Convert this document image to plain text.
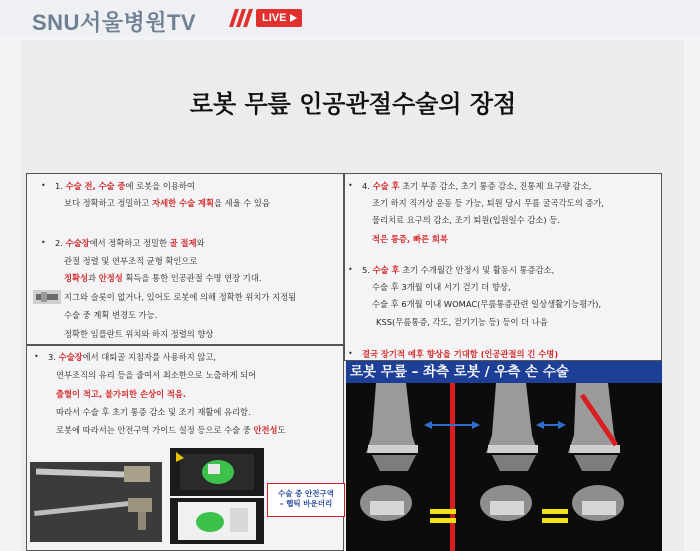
SNU서울병원TV	LIVE
로봇 무릎 인공관절수술의 장점
• 1. 수술 전, 수술 중에 로봇을 이용하여
보다 정확하고 정밀하고 자세한 수술 계획을 세울 수 있음
• 2. 수술장에서 정확하고 정밀한 골 절제와
관절 정렬 및 연부조직 균형 확인으로
정확성과 안정성 획득을 통한 인공관절 수명 연장 기대.
지그와 슬롯이 없거나, 있어도 로봇에 의해 정확한 위치가 지정됨
수술 중 계획 변경도 가능.
정확한 임플란트 위치와 하지 정렬의 향상
• 4. 수술 후 초기 부종 감소, 초기 통증 감소, 진통제 요구량 감소,
조기 하지 직거상 운동 등 가능, 퇴원 당시 무릎 굴곡각도의 증가,
물리치료 요구의 감소, 조기 퇴원(입원일수 감소) 등.
적은 통증, 빠른 회복
• 5. 수술 후 초기 수개월간 안정시 및 활동시 통증감소,
수술 후 3개월 이내 서기 걷기 더 향상,
수술 후 6개월 이내 WOMAC(무릎통증관련 일상생활기능평가),
KSS(무릎통증, 각도, 걷기기능 등) 등이 더 나음
• 결국 장기적 예후 향상을 기대함 (인공관절의 긴 수명)
• 3. 수술장에서 대퇴골 지침자를 사용하지 않고,
연부조직의 유리 등을 줄여서 최소한으로 노출하게 되어
출혈이 적고, 불가피한 손상이 적음.
따라서 수술 후 초기 통증 감소 및 조기 재활에 유리함.
로봇에 따라서는 안전구역 가이드 설정 등으로 수술 중 안전성도
수술 중 안전구역
– 햅틱 바운더리
로봇 무릎 – 좌측 로봇 / 우측 손 수술
